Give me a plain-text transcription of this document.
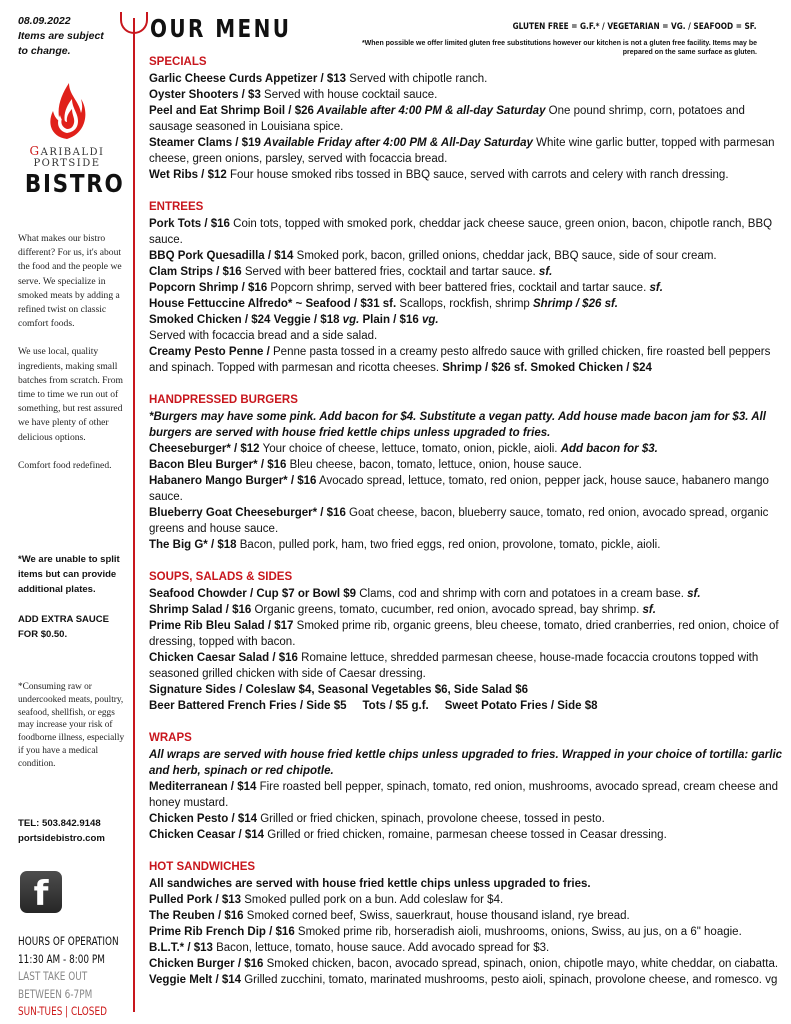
08.09.2022
Items are subject
to change.
GARIBALDI
PORTSIDE
BISTRO

What makes our bistro different? For us, it's about the food and the people we serve. We specialize in smoked meats by adding a refined twist on classic comfort foods.

We use local, quality ingredients, making small batches from scratch. From time to time we run out of something, but rest assured we have plenty of other delicious options.

Comfort food redefined.

*We are unable to split items but can provide additional plates.

ADD EXTRA SAUCE FOR $0.50.

*Consuming raw or undercooked meats, poultry, seafood, shellfish, or eggs may increase your risk of foodborne illness, especially if you have a medical condition.
TEL: 503.842.9148
portsidebistro.com
f
HOURS OF OPERATION
11:30 AM - 8:00 PM
LAST TAKE OUT
BETWEEN 6-7PM
SUN-TUES | CLOSED
OUR MENU	GLUTEN FREE = G.F.* / VEGETARIAN = VG. / SEAFOOD = SF.
*When possible we offer limited gluten free substitutions however our kitchen is not a gluten free facility. Items may be prepared on the same surface as gluten.
SPECIALS
Garlic Cheese Curds Appetizer / $13 Served with chipotle ranch.
Oyster Shooters / $3 Served with house cocktail sauce.
Peel and Eat Shrimp Boil / $26 Available after 4:00 PM & all-day Saturday One pound shrimp, corn, potatoes and sausage seasoned in Louisiana spice.
Steamer Clams / $19 Available Friday after 4:00 PM & All-Day Saturday White wine garlic butter, topped with parmesan cheese, green onions, parsley, served with focaccia bread.
Wet Ribs / $12 Four house smoked ribs tossed in BBQ sauce, served with carrots and celery with ranch dressing.
ENTREES
Pork Tots / $16 Coin tots, topped with smoked pork, cheddar jack cheese sauce, green onion, bacon, chipotle ranch, BBQ sauce.
BBQ Pork Quesadilla / $14 Smoked pork, bacon, grilled onions, cheddar jack, BBQ sauce, side of sour cream.
Clam Strips / $16 Served with beer battered fries, cocktail and tartar sauce. sf.
Popcorn Shrimp / $16 Popcorn shrimp, served with beer battered fries, cocktail and tartar sauce. sf.
House Fettuccine Alfredo* ~ Seafood / $31 sf. Scallops, rockfish, shrimp Shrimp / $26 sf.
Smoked Chicken / $24 Veggie / $18 vg. Plain / $16 vg.
Served with focaccia bread and a side salad.
Creamy Pesto Penne / Penne pasta tossed in a creamy pesto alfredo sauce with grilled chicken, fire roasted bell peppers and spinach. Topped with parmesan and ricotta cheeses. Shrimp / $26 sf. Smoked Chicken / $24
HANDPRESSED BURGERS
*Burgers may have some pink. Add bacon for $4. Substitute a vegan patty. Add house made bacon jam for $3. All burgers are served with house fried kettle chips unless upgraded to fries.
Cheeseburger* / $12 Your choice of cheese, lettuce, tomato, onion, pickle, aioli. Add bacon for $3.
Bacon Bleu Burger* / $16 Bleu cheese, bacon, tomato, lettuce, onion, house sauce.
Habanero Mango Burger* / $16 Avocado spread, lettuce, tomato, red onion, pepper jack, house sauce, habanero mango sauce.
Blueberry Goat Cheeseburger* / $16 Goat cheese, bacon, blueberry sauce, tomato, red onion, avocado spread, organic greens and house sauce.
The Big G* / $18 Bacon, pulled pork, ham, two fried eggs, red onion, provolone, tomato, pickle, aioli.
SOUPS, SALADS & SIDES
Seafood Chowder / Cup $7 or Bowl $9 Clams, cod and shrimp with corn and potatoes in a cream base. sf.
Shrimp Salad / $16 Organic greens, tomato, cucumber, red onion, avocado spread, bay shrimp. sf.
Prime Rib Bleu Salad / $17 Smoked prime rib, organic greens, bleu cheese, tomato, dried cranberries, red onion, choice of dressing, topped with bacon.
Chicken Caesar Salad / $16 Romaine lettuce, shredded parmesan cheese, house-made focaccia croutons topped with seasoned grilled chicken with side of Caesar dressing.
Signature Sides / Coleslaw $4, Seasonal Vegetables $6, Side Salad $6
Beer Battered French Fries / Side $5 Tots / $5 g.f. Sweet Potato Fries / Side $8
WRAPS
All wraps are served with house fried kettle chips unless upgraded to fries. Wrapped in your choice of tortilla: garlic and herb, spinach or red chipotle.
Mediterranean / $14 Fire roasted bell pepper, spinach, tomato, red onion, mushrooms, avocado spread, cream cheese and honey mustard.
Chicken Pesto / $14 Grilled or fried chicken, spinach, provolone cheese, tossed in pesto.
Chicken Ceasar / $14 Grilled or fried chicken, romaine, parmesan cheese tossed in Ceasar dressing.
HOT SANDWICHES
All sandwiches are served with house fried kettle chips unless upgraded to fries.
Pulled Pork / $13 Smoked pulled pork on a bun. Add coleslaw for $4.
The Reuben / $16 Smoked corned beef, Swiss, sauerkraut, house thousand island, rye bread.
Prime Rib French Dip / $16 Smoked prime rib, horseradish aioli, mushrooms, onions, Swiss, au jus, on a 6" hoagie.
B.L.T.* / $13 Bacon, lettuce, tomato, house sauce. Add avocado spread for $3.
Chicken Burger / $16 Smoked chicken, bacon, avocado spread, spinach, onion, chipotle mayo, white cheddar, on ciabatta.
Veggie Melt / $14 Grilled zucchini, tomato, marinated mushrooms, pesto aioli, spinach, provolone cheese, and romesco. vg
